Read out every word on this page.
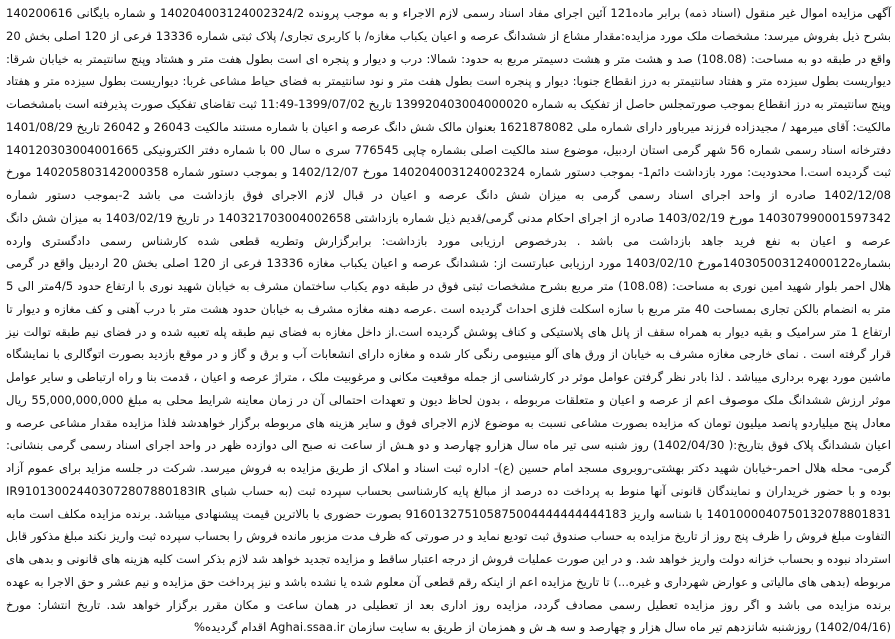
آگهی مزایده اموال غیر منقول (اسناد ذمه) برابر ماده121 آئین اجرای مفاد اسناد رسمی لازم الاجراء و به موجب پرونده 140204003124002324/2 و شماره بایگانی 140200616 بشرح ذیل بفروش میرسد: مشخصات ملک مورد مزایده:مقدار مشاع از ششدانگ عرصه و اعیان یکباب مغازه/ با کاربری تجاری/ پلاک ثبتی شماره 13336 فرعی از 120 اصلی بخش 20 واقع در طبقه دو به مساحت: (108.08) صد و هشت متر و هشت دسیمتر مربع به حدود: شمالا: درب و دیوار و پنجره ای است بطول هفت متر و هشتاد وپنج سانتیمتر به خیابان شرقا: دیواریست بطول سیزده متر و هفتاد سانتیمتر به درز انقطاع جنوبا: دیوار و پنجره است بطول هفت متر و نود سانتیمتر به فضای حیاط مشاعی غربا: دیواریست بطول سیزده متر و هفتاد وپنج سانتیمتر به درز انقطاع بموجب صورتمجلس حاصل از تفکیک به شماره 139920403004000020 تاریخ 1399/07/02-11:49 ثبت تقاضای تفکیک صورت پذیرفته است بامشخصات مالکیت: آقای میرمهد / مجیدزاده فرزند میرباور دارای شماره ملی 1621878082 بعنوان مالک شش دانگ عرصه و اعیان با شماره مستند مالکیت 26043 و 26042 تاریخ 1401/08/29 دفترخانه اسناد رسمی شماره 56 شهر گرمی استان اردبیل، موضوع سند مالکیت اصلی بشماره چاپی 776545 سری ه سال 00 با شماره دفتر الکترونیکی 140120303004001665 ثبت گردیده است.ا محدودیت: مورد بازداشت دائم1- بموجب دستور شماره 140204003124002324 مورخ 1402/12/07 و بموجب دستور شماره 140205803142000358 مورخ 1402/12/08 صادره از واحد اجرای اسناد رسمی گرمی به میزان شش دانگ عرصه و اعیان در قبال لازم الاجرای فوق بازداشت می باشد 2-بموجب دستور شماره 140307990001597342 مورخ 1403/02/19 صادره از اجرای احکام مدنی گرمی/قدیم ذیل شماره بازداشتی 140321703004002658 در تاریخ 1403/02/19 به میزان شش دانگ عرصه و اعیان به نفع فرید جاهد بازداشت می باشد . بدرخصوص ارزیابی مورد بازداشت: برابرگزارش وتطریه قطعی شده کارشناس رسمی دادگستری وارده بشماره140305003124000122مورخ 1403/02/10 مورد ارزیابی عبارتست از: ششدانگ عرصه و اعیان یکباب مغازه 13336 فرعی از 120 اصلی بخش 20 اردبیل واقع در گرمی هلال احمر بلوار شهید امین نوری به مساحت: (108.08) متر مربع بشرح مشخصات ثبتی فوق در طبقه دوم یکباب ساختمان مشرف به خیابان شهید نوری با ارتفاع حدود 4/5متر الی 5 متر به انضمام بالکن تجاری بمساحت 40 متر مربع با سازه اسکلت فلزی احداث گردیده است .عرصه دهنه مغازه مشرف به خیابان حدود هشت متر با درب آهنی و کف مغازه و دیوار تا ارتفاع 1 متر سرامیک و بقیه دیوار به همراه سقف از پانل های پلاستیکی و کناف پوشش گردیده است.از داخل مغازه به فضای نیم طبقه پله تعبیه شده و در فضای نیم طبقه توالت نیز قرار گرفته است . نمای خارجی مغازه مشرف به خیابان از ورق های آلو مینیومی رنگی کار شده و مغازه دارای انشعابات آب و برق و گاز و در موقع بازدید بصورت اتوگالری با نمایشگاه ماشین مورد بهره برداری میباشد . لذا بادر نظر گرفتن عوامل موثر در کارشناسی از جمله موقعیت مکانی و مرغوبیت ملک ، متراژ عرصه و اعیان ، قدمت بنا و راه ارتباطی و سایر عوامل موثر ارزش ششدانگ ملک موصوف اعم از عرصه و اعیان و متعلقات مربوطه ، بدون لحاظ دیون و تعهدات احتمالی آن در زمان معاینه شرایط محلی به مبلغ 55,000,000,000 ریال معادل پنج میلیاردو پانصد میلیون تومان که مزایده بصورت مشاعی نسبت به موضوع لازم الاجرای فوق و سایر هزینه های مربوطه برگزار خواهدشد فلذا مزایده مقدار مشاعی عرصه و اعیان ششدانگ پلاک فوق بتاریخ:( 1402/04/30) روز شنبه سی تیر ماه سال هزارو چهارصد و دو هـش از ساعت نه صبح الی دوازده ظهر در واحد اجرای اسناد رسمی گرمی بنشانی: گرمی- محله هلال احمر-خیابان شهید دکتر بهشتی-روبروی مسجد امام حسین (ع)- اداره ثبت اسناد و املاک از طریق مزایده به فروش میرسد. شرکت در جلسه مزاید برای عموم آزاد بوده و با حضور خریداران و نمایندگان قانونی آنها منوط به پرداخت ده درصد از مبالغ پایه کارشناسی بحساب سپرده ثبت (به حساب شبای IR910130024403072807880183IR 1401000040750132078801831 با شناسه واریز 916013275105875004444444444183 بصورت حضوری با بالاترین قیمت پیشنهادی میباشد. برنده مزایده مکلف است مابه التفاوت مبلغ فروش را ظرف پنج روز از تاریخ مزایده به حساب صندوق ثبت تودیع نماید و در صورتی که ظرف مدت مزبور مانده فروش را بحساب سپرده ثبت واریز نکند مبلغ مذکور قابل استرداد نبوده و بحساب خزانه دولت واریز خواهد شد. و در این صورت عملیات فروش از درجه اعتبار ساقط و مزایده تجدید خواهد شد لازم بذکر است کلیه هزینه های قانونی و بدهی های مربوطه (بدهی های مالیاتی و عوارض شهرداری و غیره...) تا تاریخ مزایده اعم از اینکه رقم قطعی آن معلوم شده یا نشده باشد و نیز پرداخت حق مزایده و نیم عشر و حق الاجرا به عهده برنده مزایده می باشد و اگر روز مزایده تعطیل رسمی مصادف گردد، مزایده روز اداری بعد از تعطیلی در همان ساعت و مکان مقرر برگزار خواهد شد. تاریخ انتشار: مورخ (1402/04/16) روزشنبه شانزدهم تیر ماه سال هزار و چهارصد و سه هـ ش و همزمان از طریق به سایت سازمان Aghai.ssaa.ir اقدام گردیده%
